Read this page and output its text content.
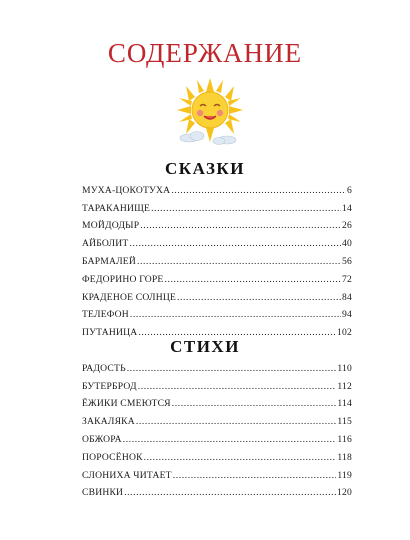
СОДЕРЖАНИЕ
СКАЗКИ
МУХА-ЦОКОТУХА .....	6
ТАРАКАНИЩЕ .....	14
МОЙДОДЫР .....	26
АЙБОЛИТ .....	40
БАРМАЛЕЙ .....	56
ФЕДОРИНО ГОРЕ .....	72
КРАДЕНОЕ СОЛНЦЕ .....	84
ТЕЛЕФОН .....	94
ПУТАНИЦА .....	102
СТИХИ
РАДОСТЬ .....	110
БУТЕРБРОД .....	112
ЁЖИКИ СМЕЮТСЯ .....	114
ЗАКАЛЯКА .....	115
ОБЖОРА .....	116
ПОРОСЁНОК .....	118
СЛОНИХА ЧИТАЕТ .....	119
СВИНКИ .....	120
